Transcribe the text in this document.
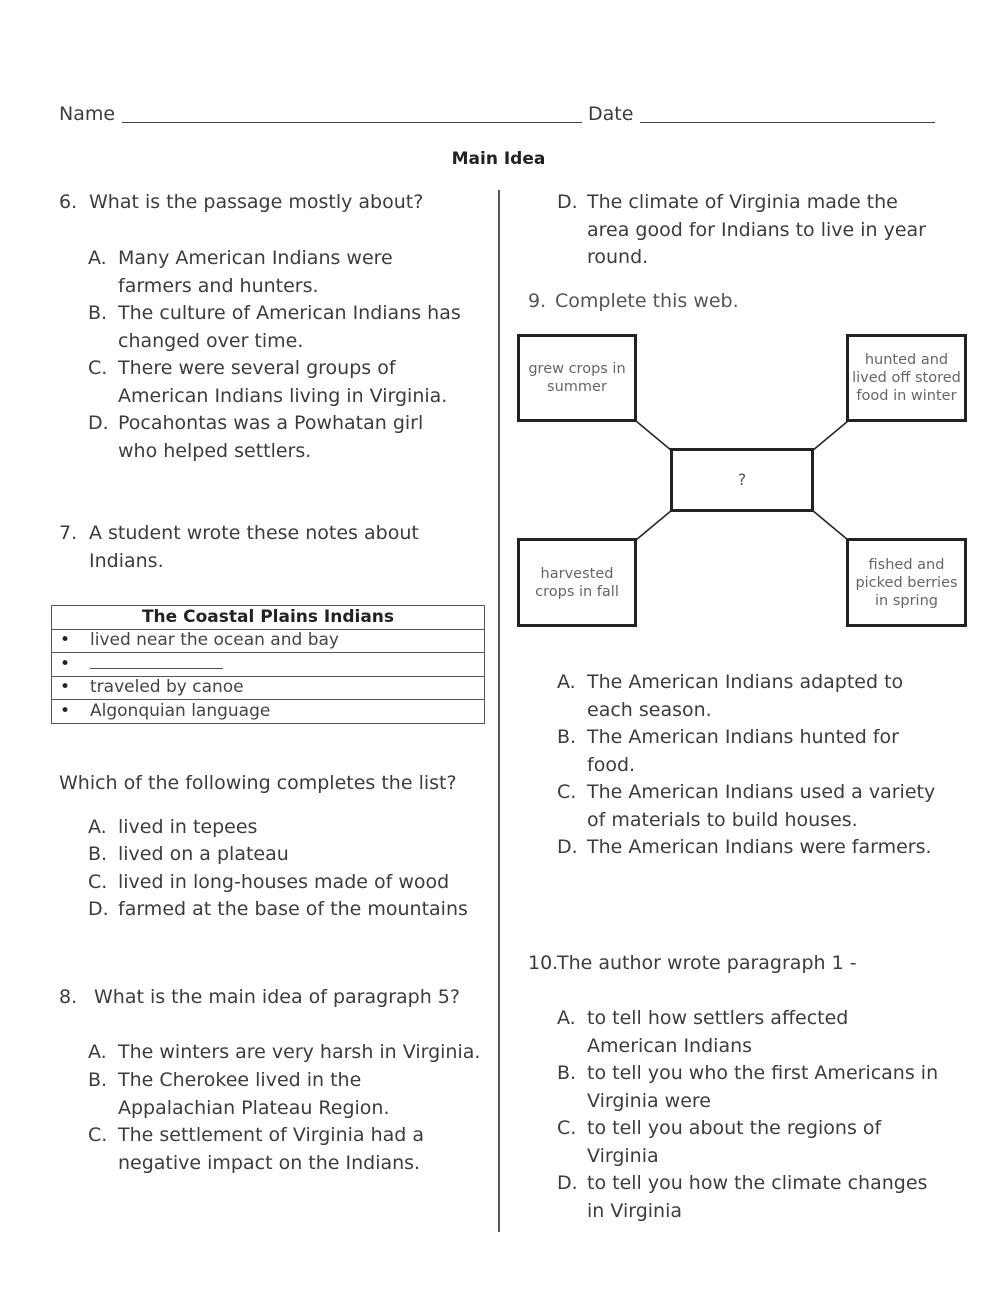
Name	Date
Main Idea
6. What is the passage mostly about?
A. Many American Indians were
farmers and hunters.
B. The culture of American Indians has
changed over time.
C. There were several groups of
American Indians living in Virginia.
D. Pocahontas was a Powhatan girl
who helped settlers.
7. A student wrote these notes about
Indians.
The Coastal Plains Indians
• lived near the ocean and bay
•
• traveled by canoe
• Algonquian language
Which of the following completes the list?
A. lived in tepees
B. lived on a plateau
C. lived in long-houses made of wood
D. farmed at the base of the mountains
8. What is the main idea of paragraph 5?
A. The winters are very harsh in Virginia.
B. The Cherokee lived in the
Appalachian Plateau Region.
C. The settlement of Virginia had a
negative impact on the Indians.
D. The climate of Virginia made the
area good for Indians to live in year
round.
9. Complete this web.
grew crops in summer
hunted and lived off stored food in winter
?
harvested crops in fall
fished and picked berries in spring
A. The American Indians adapted to
each season.
B. The American Indians hunted for
food.
C. The American Indians used a variety
of materials to build houses.
D. The American Indians were farmers.
10.
The author wrote paragraph 1 -
A. to tell how settlers affected
American Indians
B. to tell you who the first Americans in
Virginia were
C. to tell you about the regions of
Virginia
D. to tell you how the climate changes
in Virginia
